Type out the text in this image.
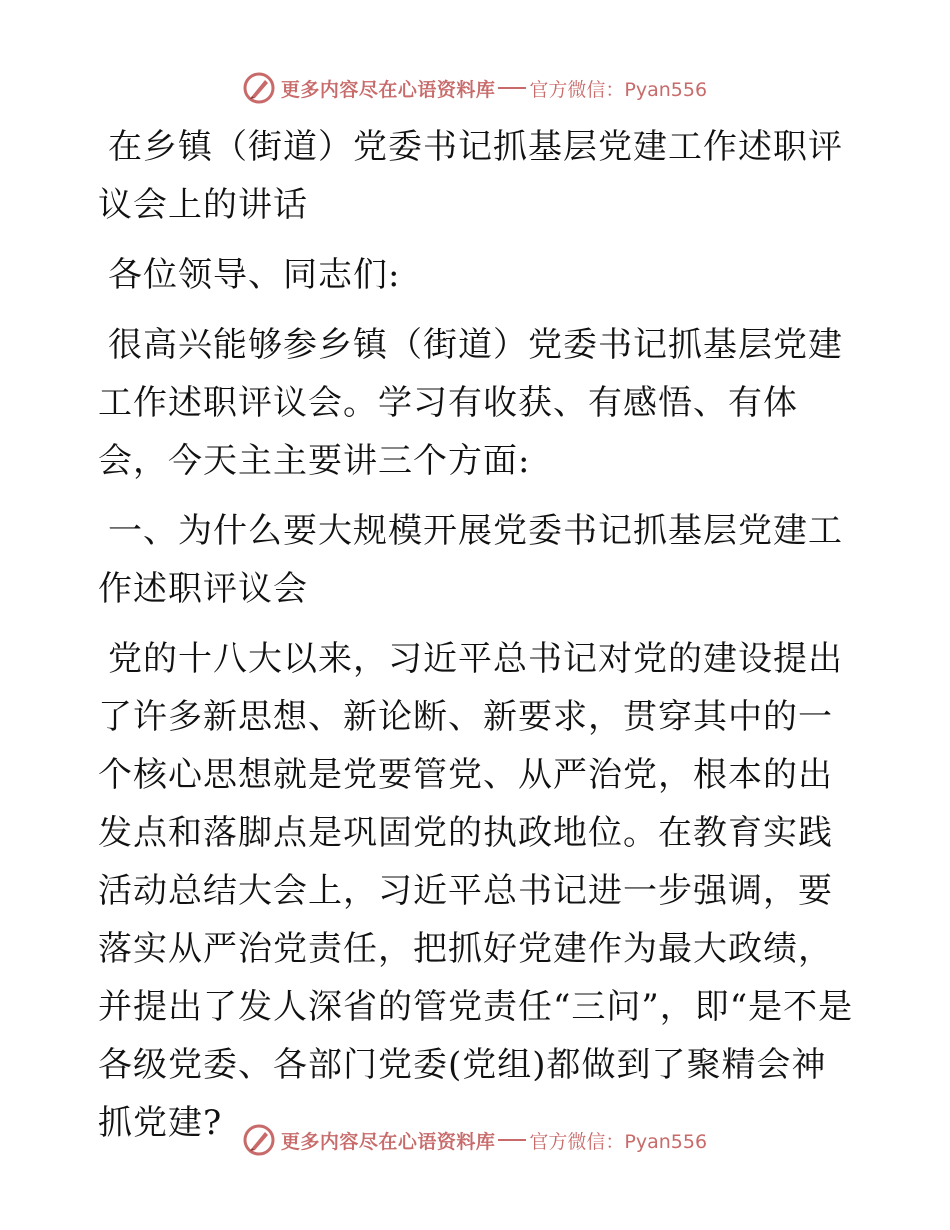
更多内容尽在心语资料库 官方微信：Pyan556

在乡镇（街道）党委书记抓基层党建工作述职评议会上的讲话

各位领导、同志们:

很高兴能够参乡镇（街道）党委书记抓基层党建工作述职评议会。学习有收获、有感悟、有体会，今天主主要讲三个方面:

一、为什么要大规模开展党委书记抓基层党建工作述职评议会

党的十八大以来，习近平总书记对党的建设提出了许多新思想、新论断、新要求，贯穿其中的一个核心思想就是党要管党、从严治党，根本的出发点和落脚点是巩固党的执政地位。在教育实践活动总结大会上，习近平总书记进一步强调，要落实从严治党责任，把抓好党建作为最大政绩，并提出了发人深省的管党责任“三问”，即“是不是各级党委、各部门党委(党组)都做到了聚精会神抓党建?	更多内容尽在心语资料库 官方微信：Pyan556
